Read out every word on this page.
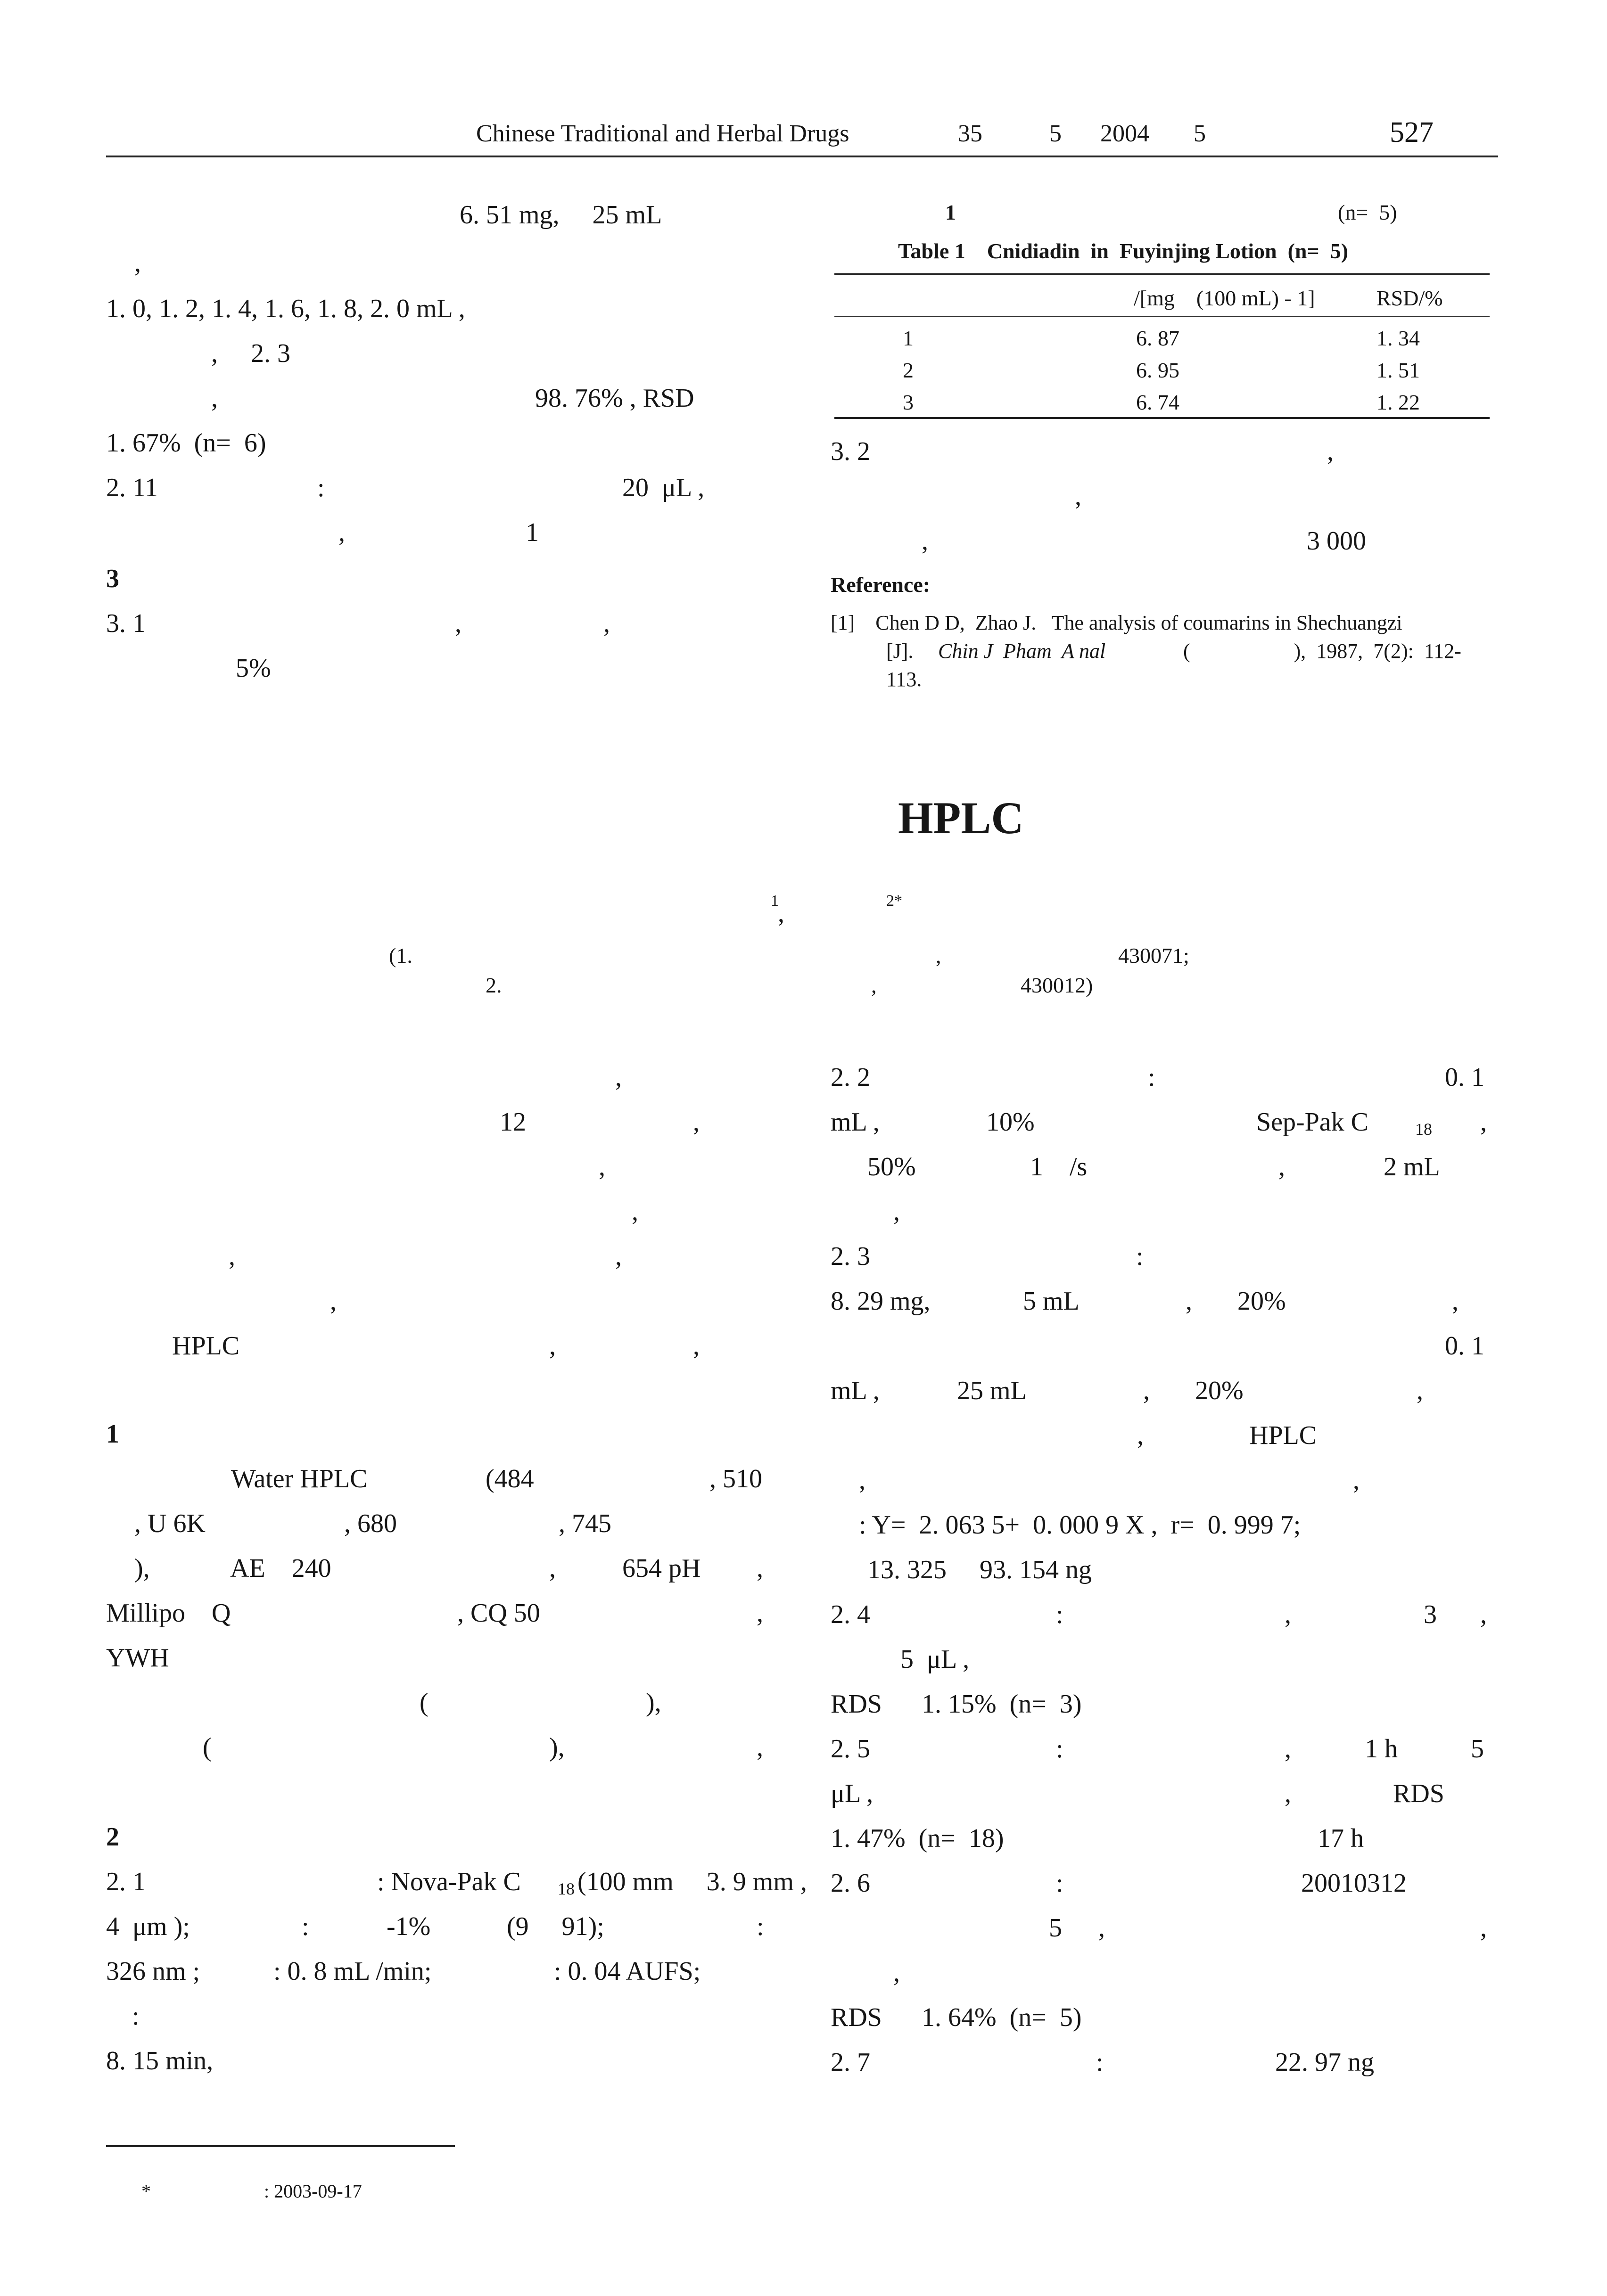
Chinese Traditional and Herbal Drugs	35	5 2004 5	527
6. 51 mg,     25 mL
,
1. 0, 1. 2, 1. 4, 1. 6, 1. 8, 2. 0 mL ,
,     2. 3
,	98. 76% , RSD
1. 67%  (n=  6)
2. 11	:	20  μL ,
,	1
3
3. 1	,	,
5%
1	(n=  5)
Table 1    Cnidiadin  in  Fuyinjing Lotion  (n=  5)
/[mg    (100 mL) - 1]	RSD/%
1	6. 87	1. 34
2	6. 95	1. 51
3	6. 74	1. 22
3. 2	,
,
,	3 000
Reference:
[1]    Chen D D,  Zhao J.   The analysis of coumarins in Shechuangzi
[J]. Chin J  Pham  A nal	(                    ),  1987,  7(2):  112-
113.
HPLC
1
,	2*
(1.	,	430071;
2.	,	430012)
,
12	,
,
,
,	,
,
HPLC	,	,
1
Water HPLC	(484	, 510
, U 6K	, 680	, 745
),	AE    240	,	654 pH ,
Millipo    Q	, CQ 50	,
YWH
(	),
(	),	,
2
2. 1	: Nova-Pak C 18 (100 mm     3. 9 mm ,
4  μm );	:	-1%	(9     91);	:
326 nm ;	: 0. 8 mL /min;	: 0. 04 AUFS;
:
8. 15 min,
*	: 2003-09-17
2. 2	:	0. 1
mL ,	10%	Sep-Pak C	18 ,
50%	1    /s	,	2 mL
,
2. 3	:
8. 29 mg,	5 mL	, 20%	,
0. 1
mL ,	25 mL	, 20%	,
,	HPLC
,	,
: Y=  2. 063 5+  0. 000 9 X ,  r=  0. 999 7;
13. 325     93. 154 ng
2. 4	:	,	3 ,
5  μL ,
RDS      1. 15%  (n=  3)
2. 5	:	,	1 h	5
μL ,	,	RDS
1. 47%  (n=  18)	17 h
2. 6	:	20010312
5 ,	,
,
RDS      1. 64%  (n=  5)
2. 7	:	22. 97 ng
